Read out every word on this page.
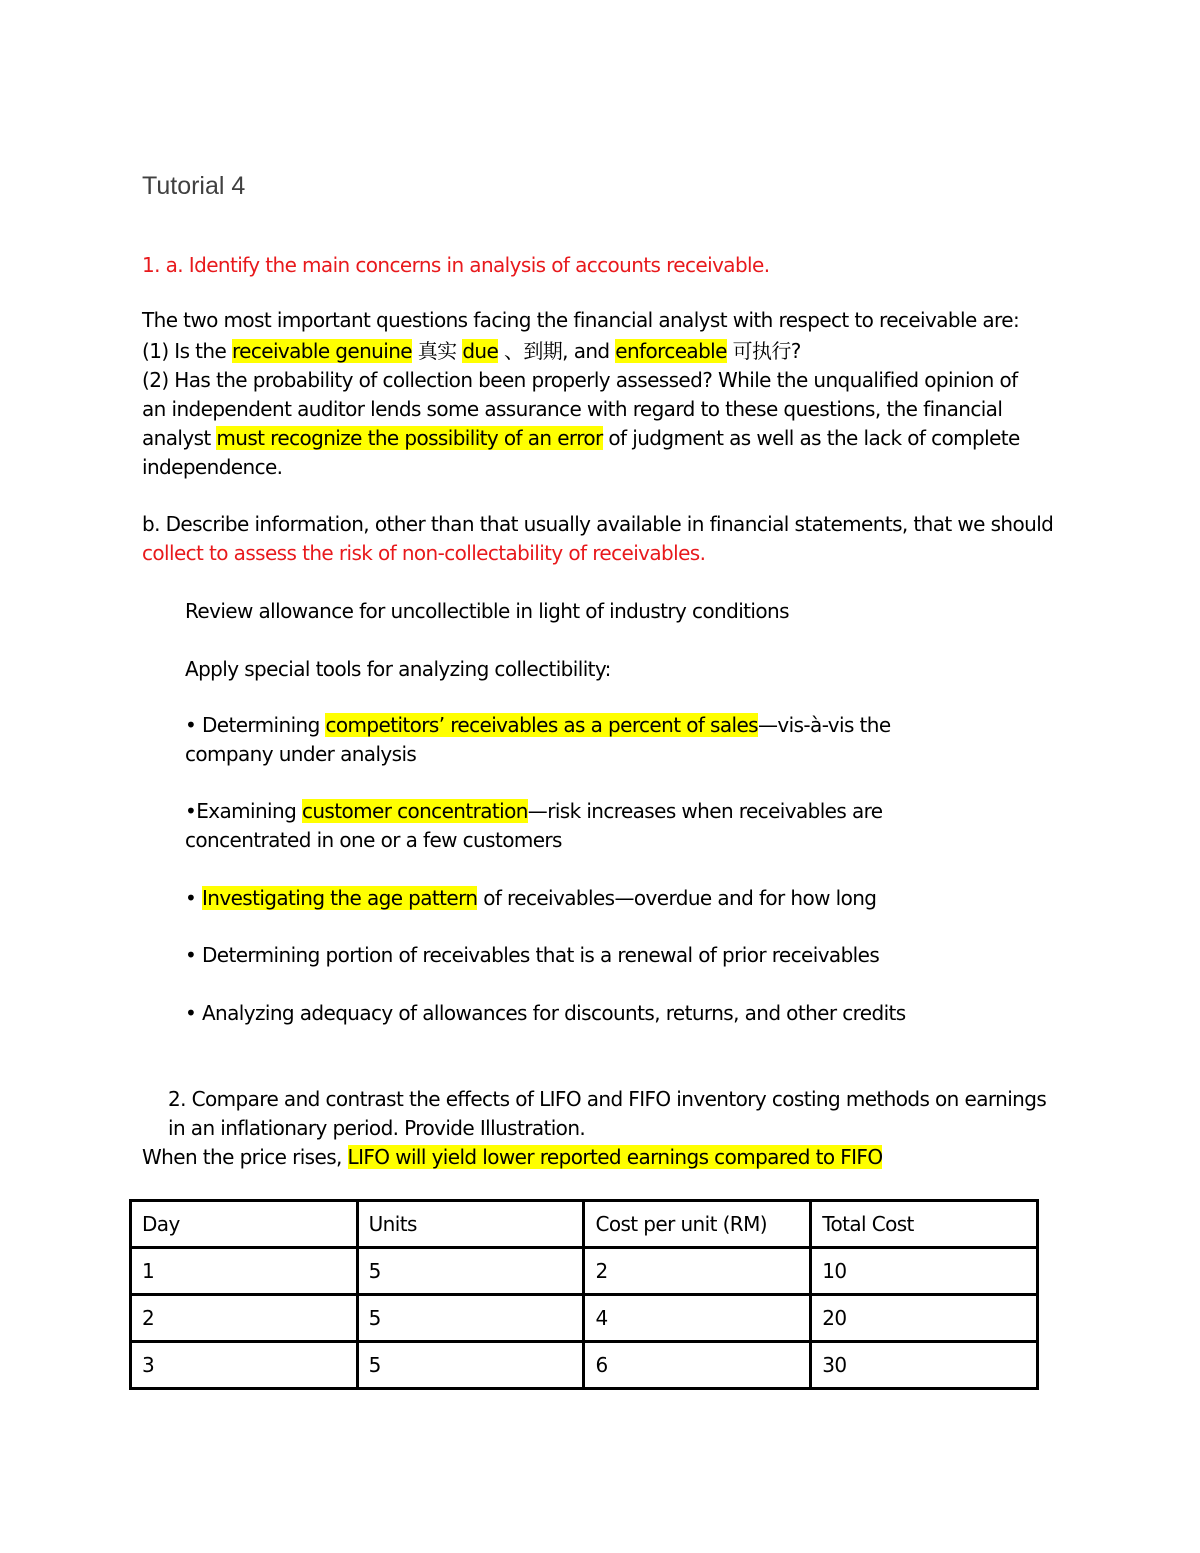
Tutorial 4
1. a. Identify the main concerns in analysis of accounts receivable.
The two most important questions facing the financial analyst with respect to receivable are:
(1) Is the receivable genuine 真实 due 、到期, and enforceable 可执行?
(2) Has the probability of collection been properly assessed? While the unqualified opinion of
an independent auditor lends some assurance with regard to these questions, the financial
analyst must recognize the possibility of an error of judgment as well as the lack of complete
independence.
b. Describe information, other than that usually available in financial statements, that we should
collect to assess the risk of non-collectability of receivables.
Review allowance for uncollectible in light of industry conditions
Apply special tools for analyzing collectibility:
• Determining competitors’ receivables as a percent of sales—vis-à-vis the
company under analysis
•Examining customer concentration—risk increases when receivables are
concentrated in one or a few customers
• Investigating the age pattern of receivables—overdue and for how long
• Determining portion of receivables that is a renewal of prior receivables
• Analyzing adequacy of allowances for discounts, returns, and other credits
2. Compare and contrast the effects of LIFO and FIFO inventory costing methods on earnings
in an inflationary period. Provide Illustration.
When the price rises, LIFO will yield lower reported earnings compared to FIFO
Day	Units	Cost per unit (RM)	Total Cost
1	5	2	10
2	5	4	20
3	5	6	30
